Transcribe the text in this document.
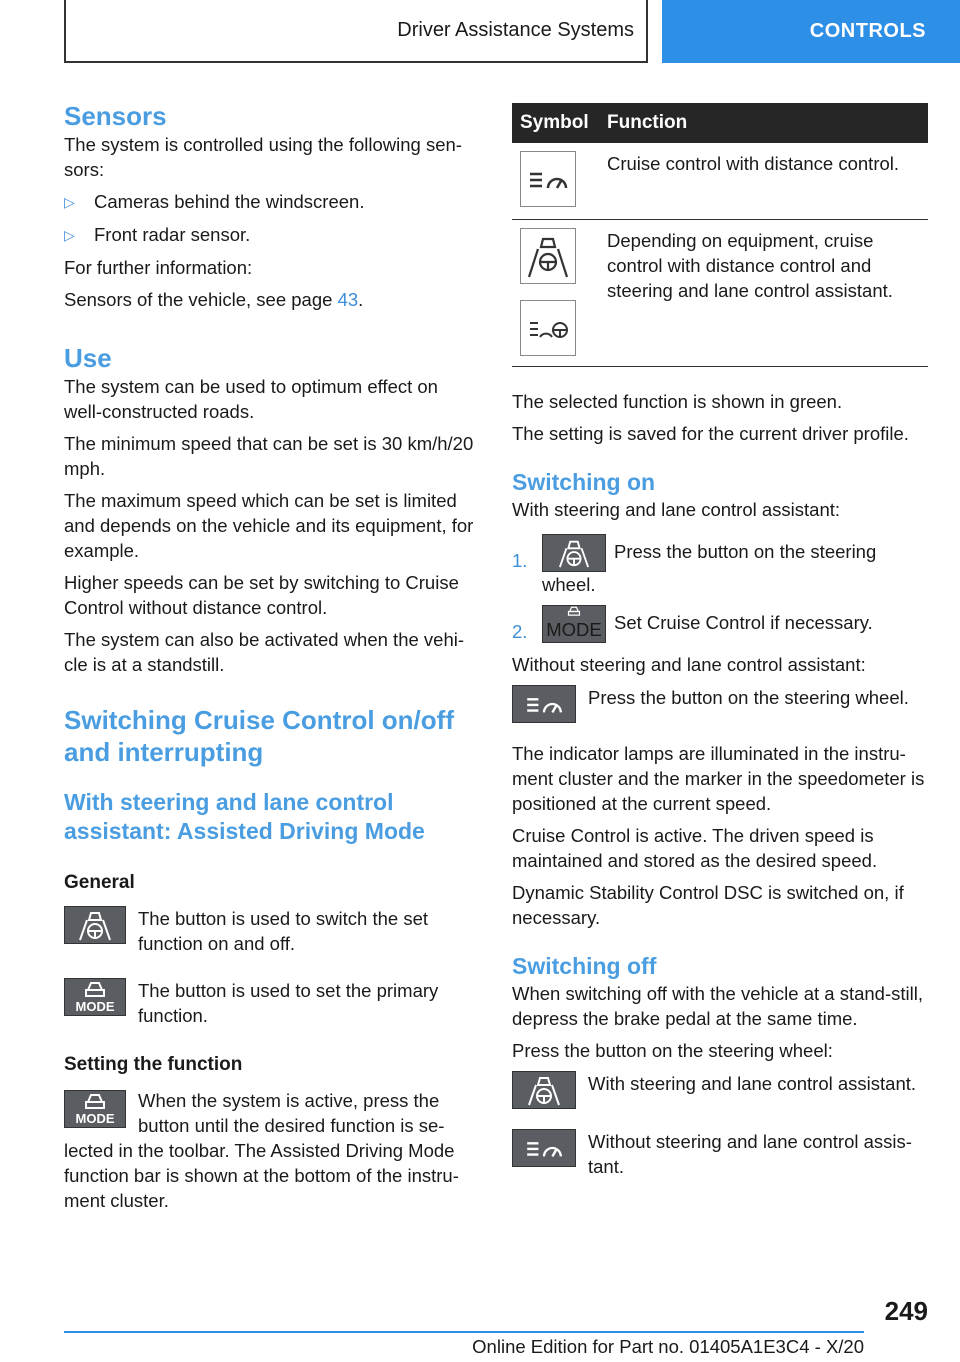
Driver Assistance Systems	CONTROLS
Sensors

The system is controlled using the following sen-sors:

▷	Cameras behind the windscreen.
▷	Front radar sensor.

For further information:

Sensors of the vehicle, see page 43.

Use

The system can be used to optimum effect on well-constructed roads.

The minimum speed that can be set is 30 km/h/20 mph.

The maximum speed which can be set is limited and depends on the vehicle and its equipment, for example.

Higher speeds can be set by switching to Cruise Control without distance control.

The system can also be activated when the vehi-cle is at a standstill.

Switching Cruise Control on/off and interrupting
With steering and lane control assistant: Assisted Driving Mode
General
The button is used to switch the set function on and off.
MODE
The button is used to set the primary function.
Setting the function
MODE
When the system is active, press the button until the desired function is se-lected in the toolbar. The Assisted Driving Mode function bar is shown at the bottom of the instru-ment cluster.
Symbol Function
Cruise control with distance control.
Depending on equipment, cruise control with distance control and steering and lane control assistant.

The selected function is shown in green.

The setting is saved for the current driver profile.

Switching on

With steering and lane control assistant:

1.	Press the button on the steering wheel.
2.	MODE Set Cruise Control if necessary.

Without steering and lane control assistant:

Press the button on the steering wheel.

The indicator lamps are illuminated in the instru-ment cluster and the marker in the speedometer is positioned at the current speed.

Cruise Control is active. The driven speed is maintained and stored as the desired speed.

Dynamic Stability Control DSC is switched on, if necessary.

Switching off

When switching off with the vehicle at a stand-still, depress the brake pedal at the same time.

Press the button on the steering wheel:

With steering and lane control assistant.
Without steering and lane control assis-tant.
249
Online Edition for Part no. 01405A1E3C4 - X/20
